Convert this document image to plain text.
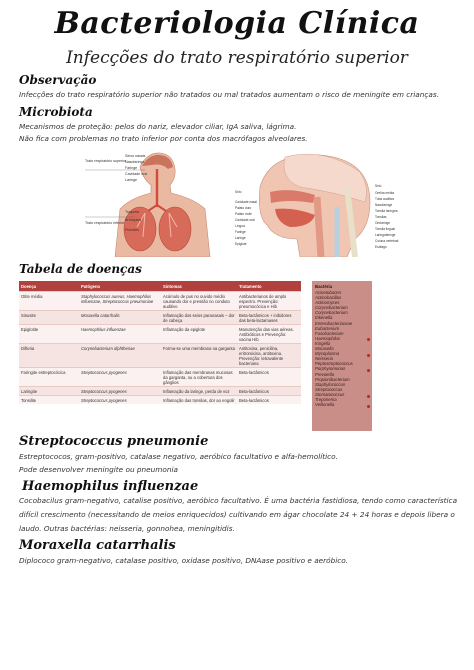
Bacteriologia Clínica
Infecções do trato respiratório superior
Observação
Infecções do trato respiratório superior não tratados ou mal tratados aumentam o risco de meningite em crianças.
Microbiota
Mecanismos de proteção: pelos do nariz, elevador ciliar, IgA saliva, lágrima.
Não fica com problemas no trato inferior por conta dos macrófagos alveolares.
Trato respiratório superior
Trato respiratório inferior
Seios nasais
Nasofaringe
Faringe
Cavidade oral
Laringe
Traqueia
Brônquios
Pulmões
Seio
Cavidade nasal
Palato duro
Palato mole
Cavidade oral
Língua
Faringe
Laringe
Epiglote
Seio
Orelha média
Tuba auditiva
Nasofaringe
Tonsila faríngea
Tonsilas
Orofaringe
Tonsila lingual
Laringofaringe
Coluna vertebral
Esôfago
Tabela de doenças
Doença	Patógeno	Sintomas	Tratamento
Otite média	Staphylococcus aureus, Haemophilus influenzae, Streptococcus pneumoniae	Acúmulo de pus no ouvido médio causando dor e pressão no conduto auditivo	Antibacterianos de amplo espectro. Prevenção: pneumocócica e Hib
Sinusite	Moraxella catarrhalis	Inflamação dos seios paranasais – dor de cabeça	Beta-lactâmicos + inibidores das beta-lactamases
Epiglotite	Haemophilus influenzae	Inflamação da epiglote	Manutenção das vias aéreas. Antibióticos e Prevenção: vacina Hib
Difteria	Corynebacterium diphtheriae	Forma-se uma membrana na garganta	Antitoxina, penicilina, eritromicina, antitoxina. Prevenção: tetravalente bacteriana
Faringite estreptocócica	Streptococcus pyogenes	Inflamação das membranas mucosas da garganta, ou a cobertura dos gânglios	Beta-lactâmicos
Laringite	Streptococcus pyogenes	Inflamação da laringe, perda de voz	Beta-lactâmicos
Tonsilite	Streptococcus pyogenes	Inflamação das tonsilas, dor ao engolir	Beta-lactâmicos
Bactéria
Acinetobacter
Actinobacillus
Actinomyces
Corynebacterium
Corynebacterium
Eikenella
Enterobacteriaceae
Eubacterium
Fusobacterium
Haemophilus
Kingella
Moraxella
Mycoplasma
Neisseria
Peptostreptococcus
Porphyromonas
Prevotella
Propionibacterium
Staphylococcus
Streptococcus
Stomatococcus
Treponema
Veillonella
Streptococcus pneumonie
Estreptococos, gram-positivo, catalase negativo, aeróbico facultativo e alfa-hemolítico.
Pode desenvolver meningite ou pneumonia
Haemophilus influenzae
Cocobacilus gram-negativo, catalise positivo, aeróbico facultativo. É uma bactéria fastidiosa, tendo como característica
difícil crescimento (necessitando de meios enriquecidos) cultivando em ágar chocolate 24 + 24 horas e depois libera o
laudo. Outras bactérias: neisseria, gonnohea, meningitidis.
Moraxella catarrhalis
Diplococo gram-negativo, catalase positivo, oxidase positivo, DNAase positivo e aeróbico.
